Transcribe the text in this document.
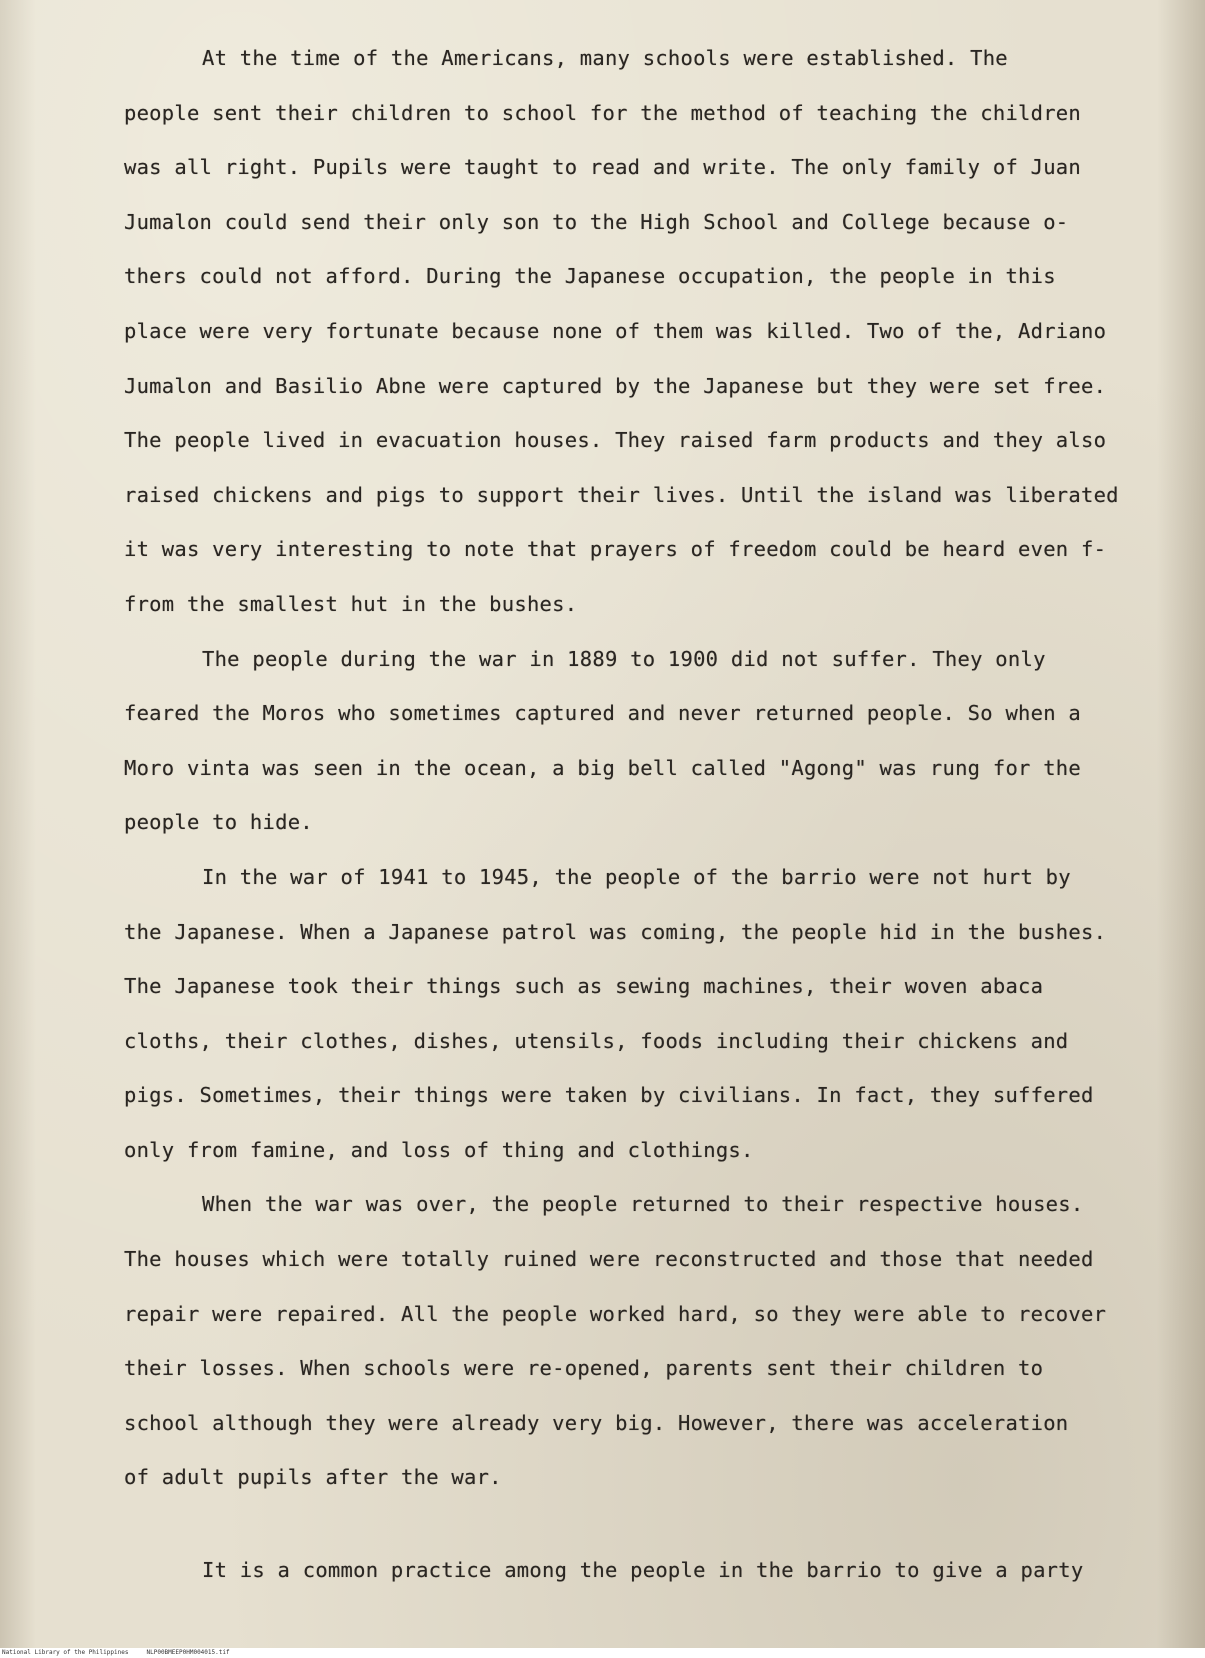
At the time of the Americans, many schools were established. The
people sent their children to school for the method of teaching the children
was all right. Pupils were taught to read and write. The only family of Juan
Jumalon could send their only son to the High School and College because o-
thers could not afford. During the Japanese occupation, the people in this
place were very fortunate because none of them was killed. Two of the, Adriano
Jumalon and Basilio Abne were captured by the Japanese but they were set free.
The people lived in evacuation houses. They raised farm products and they also
raised chickens and pigs to support their lives. Until the island was liberated
it was very interesting to note that prayers of freedom could be heard even f-
from the smallest hut in the bushes.
The people during the war in 1889 to 1900 did not suffer. They only
feared the Moros who sometimes captured and never returned people. So when a
Moro vinta was seen in the ocean, a big bell called "Agong" was rung for the
people to hide.
In the war of 1941 to 1945, the people of the barrio were not hurt by
the Japanese. When a Japanese patrol was coming, the people hid in the bushes.
The Japanese took their things such as sewing machines, their woven abaca
cloths, their clothes, dishes, utensils, foods including their chickens and
pigs. Sometimes, their things were taken by civilians. In fact, they suffered
only from famine, and loss of thing and clothings.
When the war was over, the people returned to their respective houses.
The houses which were totally ruined were reconstructed and those that needed
repair were repaired. All the people worked hard, so they were able to recover
their losses. When schools were re-opened, parents sent their children to
school although they were already very big. However, there was acceleration
of adult pupils after the war.
It is a common practice among the people in the barrio to give a party
National Library of the Philippines     NLP00BMEEP0HM004015.tif
